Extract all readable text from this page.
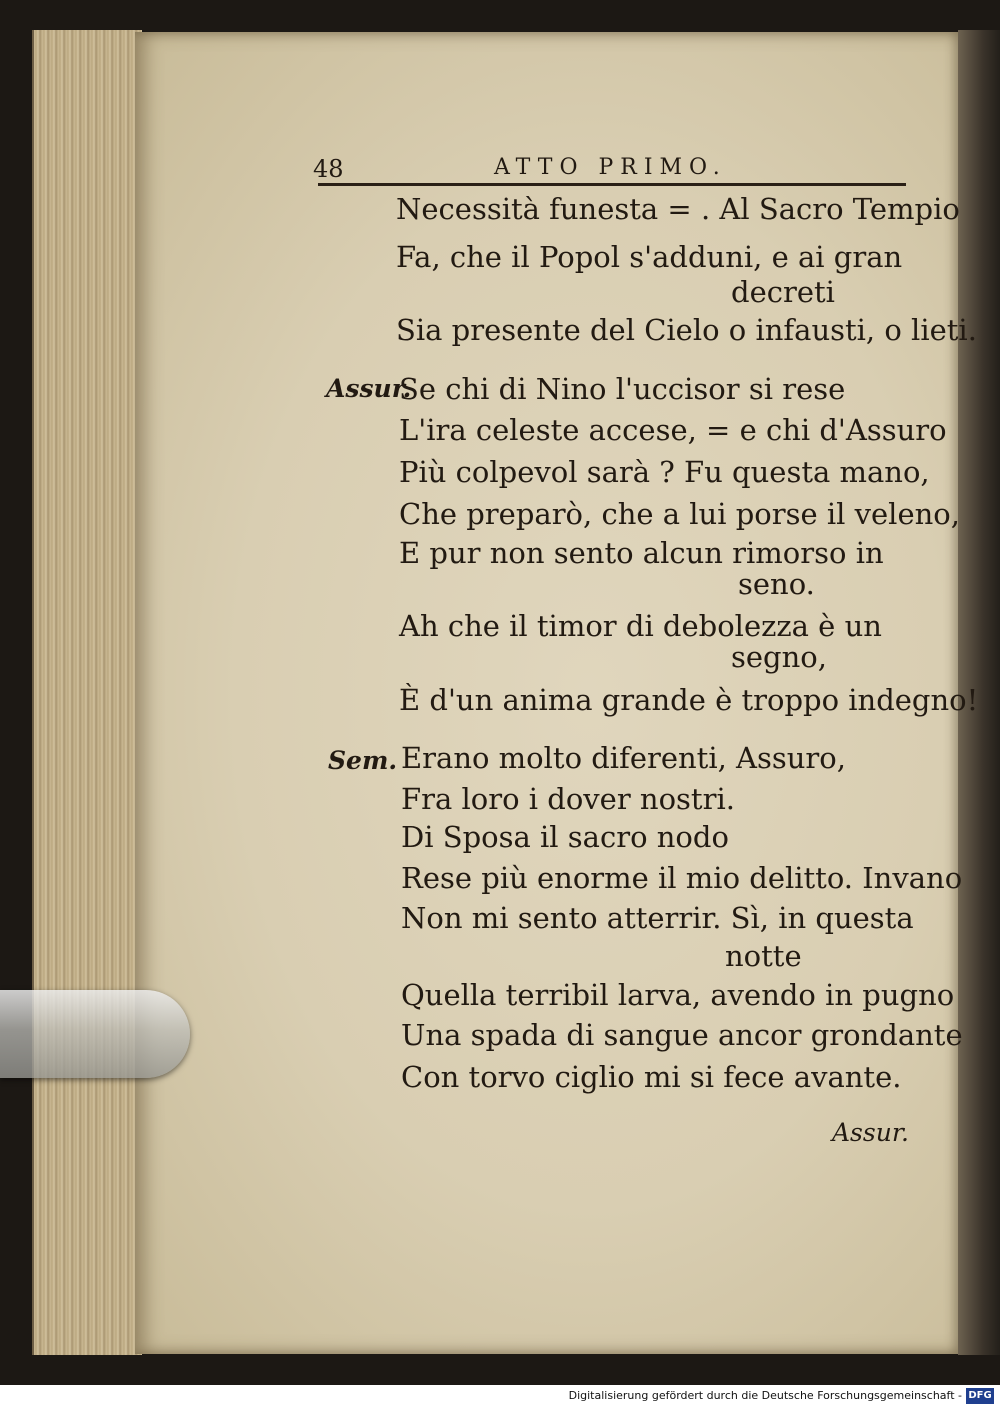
48	ATTO PRIMO.
Necessità funesta = . Al Sacro Tempio
Fa, che il Popol s'adduni, e ai gran
decreti
Sia presente del Cielo o infausti, o lieti.
Assur.
Se chi di Nino l'uccisor si rese
L'ira celeste accese, = e chi d'Assuro
Più colpevol sarà ? Fu questa mano,
Che preparò, che a lui porse il veleno,
E pur non sento alcun rimorso in
seno.
Ah che il timor di debolezza è un
segno,
È d'un anima grande è troppo indegno!
Sem. Erano molto diferenti, Assuro,
Fra loro i dover nostri.
Di Sposa il sacro nodo
Rese più enorme il mio delitto. Invano
Non mi sento atterrir. Sì, in questa
notte
Quella terribil larva, avendo in pugno
Una spada di sangue ancor grondante
Con torvo ciglio mi si fece avante.
Assur.
Digitalisierung gefördert durch die Deutsche Forschungsgemeinschaft - DFG
